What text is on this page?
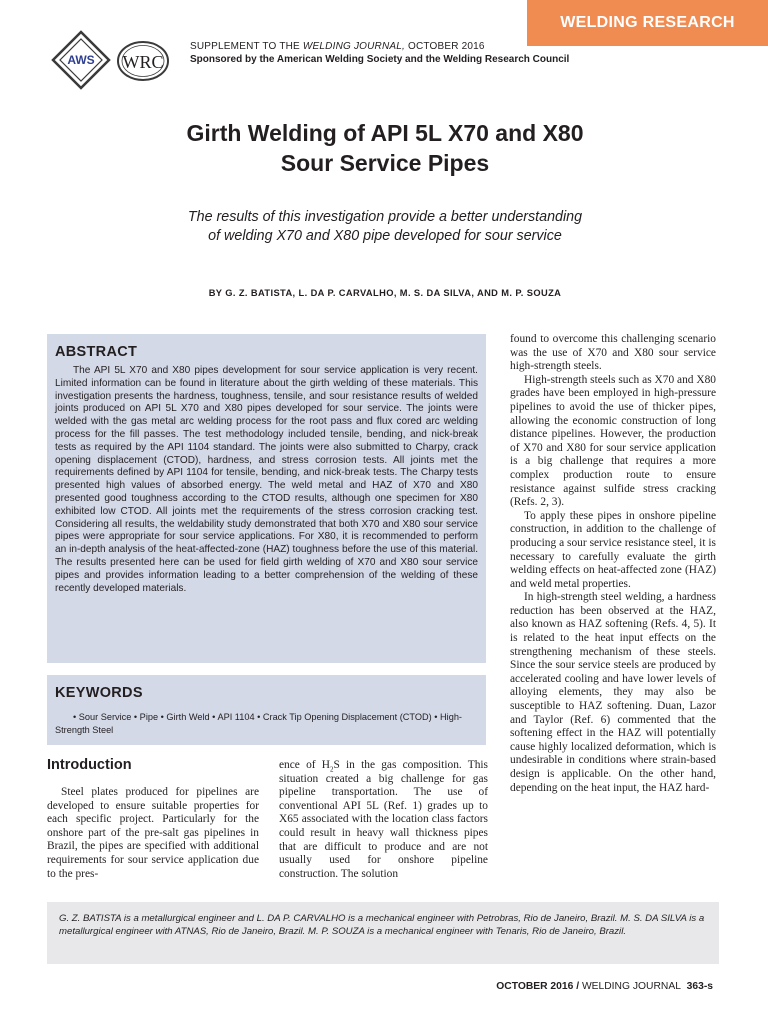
WELDING RESEARCH
AWS WRC
SUPPLEMENT TO THE WELDING JOURNAL, OCTOBER 2016
Sponsored by the American Welding Society and the Welding Research Council
Girth Welding of API 5L X70 and X80
Sour Service Pipes
The results of this investigation provide a better understanding
of welding X70 and X80 pipe developed for sour service
BY G. Z. BATISTA, L. DA P. CARVALHO, M. S. DA SILVA, AND M. P. SOUZA
ABSTRACT

The API 5L X70 and X80 pipes development for sour service application is very recent. Limited information can be found in literature about the girth welding of these materials. This investigation presents the hardness, toughness, tensile, and sour resistance results of welded joints produced on API 5L X70 and X80 pipes developed for sour service. The joints were welded with the gas metal arc welding process for the root pass and flux cored arc welding process for the fill passes. The test methodology included tensile, bending, and nick-break tests as required by the API 1104 standard. The joints were also submitted to Charpy, crack opening displacement (CTOD), hardness, and stress corrosion tests. All joints met the requirements defined by API 1104 for tensile, bending, and nick-break tests. The Charpy tests presented high values of absorbed energy. The weld metal and HAZ of X70 and X80 presented good toughness according to the CTOD results, although one specimen for X80 exhibited low CTOD. All joints met the requirements of the stress corrosion cracking test. Considering all results, the weldability study demonstrated that both X70 and X80 sour service pipes were appropriate for sour service applications. For X80, it is recommended to perform an in-depth analysis of the heat-affected-zone (HAZ) toughness before the use of this material. The results presented here can be used for field girth welding of X70 and X80 sour service pipes and provides information leading to a better comprehension of the welding of these recently developed materials.

KEYWORDS

• Sour Service • Pipe • Girth Weld • API 1104 • Crack Tip Opening Displacement (CTOD) • High-Strength Steel

Introduction

Steel plates produced for pipelines are developed to ensure suitable properties for each specific project. Particularly for the onshore part of the pre-salt gas pipelines in Brazil, the pipes are specified with additional requirements for sour service application due to the pres-

ence of $H_2S$ in the gas composition. This situation created a big challenge for gas pipeline transportation. The use of conventional API 5L (Ref. 1) grades up to X65 associated with the location class factors could result in heavy wall thickness pipes that are difficult to produce and are not usually used for onshore pipeline construction. The solution

found to overcome this challenging scenario was the use of X70 and X80 sour service high-strength steels.

High-strength steels such as X70 and X80 grades have been employed in high-pressure pipelines to avoid the use of thicker pipes, allowing the economic construction of long distance pipelines. However, the production of X70 and X80 for sour service application is a big challenge that requires a more complex production route to ensure resistance against sulfide stress cracking (Refs. 2, 3).

To apply these pipes in onshore pipeline construction, in addition to the challenge of producing a sour service resistance steel, it is necessary to carefully evaluate the girth welding effects on heat-affected zone (HAZ) and weld metal properties.

In high-strength steel welding, a hardness reduction has been observed at the HAZ, also known as HAZ softening (Refs. 4, 5). It is related to the heat input effects on the strengthening mechanism of these steels. Since the sour service steels are produced by accelerated cooling and have lower levels of alloying elements, they may also be susceptible to HAZ softening. Duan, Lazor and Taylor (Ref. 6) commented that the softening effect in the HAZ will potentially cause highly localized deformation, which is undesirable in conditions where strain-based design is applicable. On the other hand, depending on the heat input, the HAZ hard-

G. Z. BATISTA is a metallurgical engineer and L. DA P. CARVALHO is a mechanical engineer with Petrobras, Rio de Janeiro, Brazil. M. S. DA SILVA is a metallurgical engineer with ATNAS, Rio de Janeiro, Brazil. M. P. SOUZA is a mechanical engineer with Tenaris, Rio de Janeiro, Brazil.

OCTOBER 2016 / WELDING JOURNAL 363-s
